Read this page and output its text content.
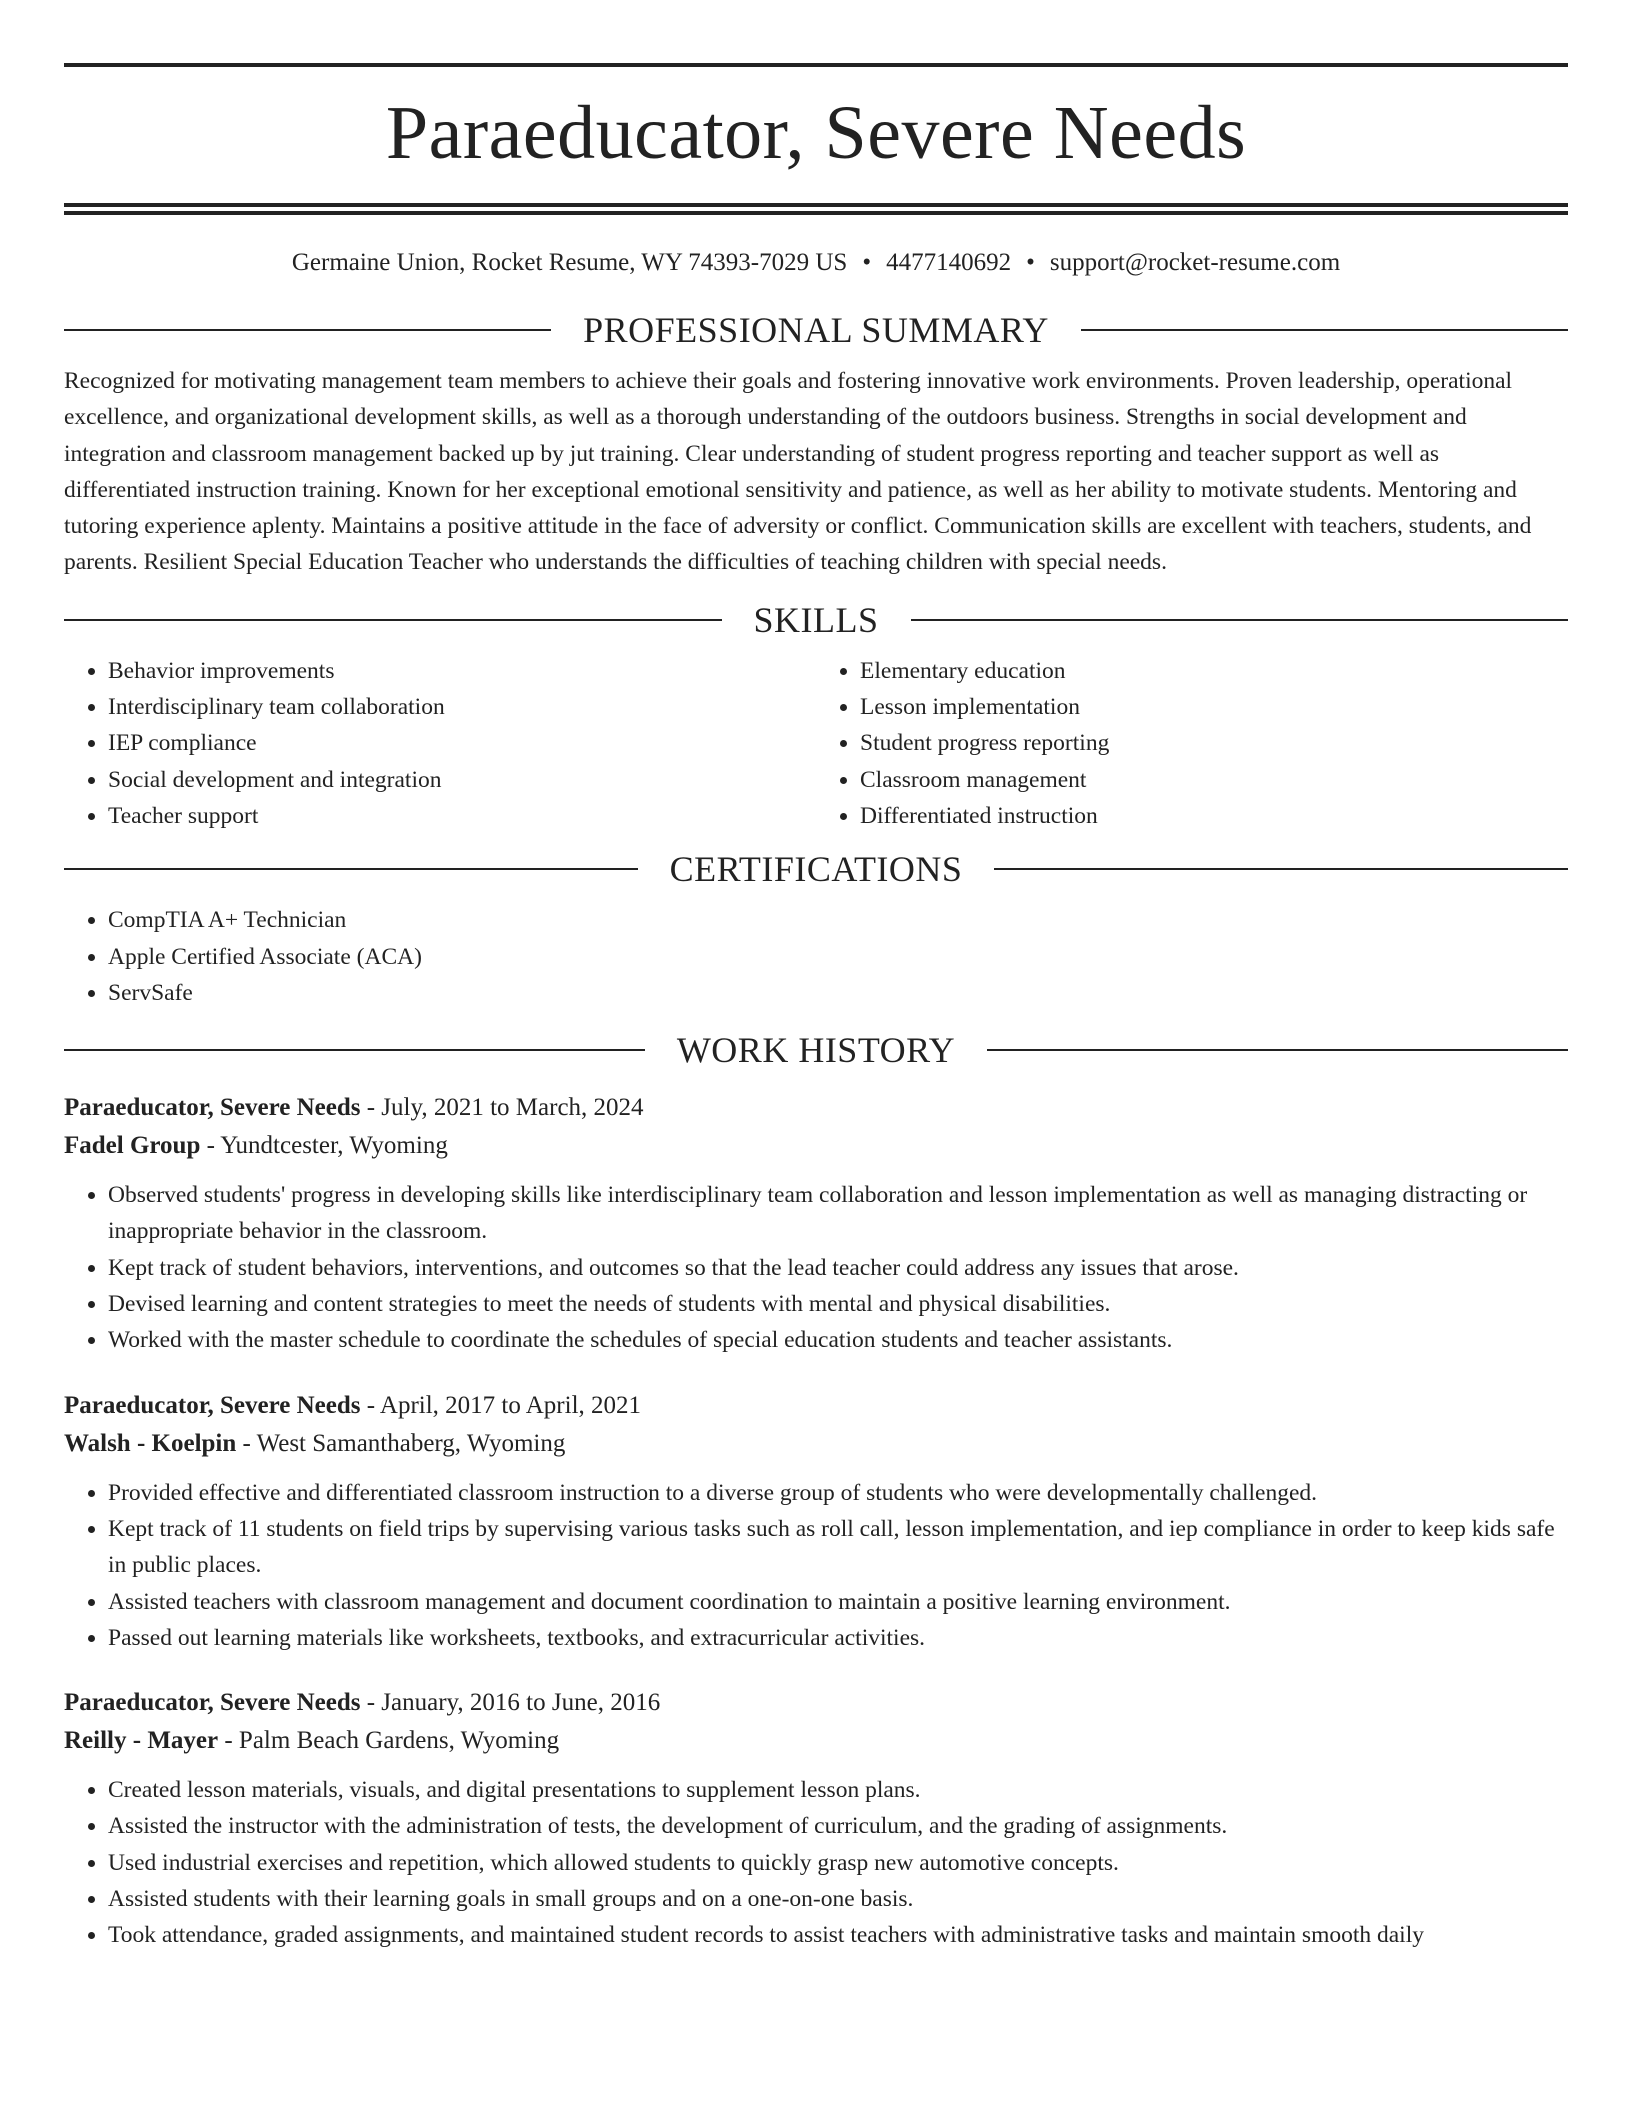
Paraeducator, Severe Needs
Germaine Union, Rocket Resume, WY 74393-7029 US • 4477140692 • support@rocket-resume.com
PROFESSIONAL SUMMARY

Recognized for motivating management team members to achieve their goals and fostering innovative work environments. Proven leadership, operational excellence, and organizational development skills, as well as a thorough understanding of the outdoors business. Strengths in social development and integration and classroom management backed up by jut training. Clear understanding of student progress reporting and teacher support as well as differentiated instruction training. Known for her exceptional emotional sensitivity and patience, as well as her ability to motivate students. Mentoring and tutoring experience aplenty. Maintains a positive attitude in the face of adversity or conflict. Communication skills are excellent with teachers, students, and parents. Resilient Special Education Teacher who understands the difficulties of teaching children with special needs.

SKILLS
• Behavior improvements
• Interdisciplinary team collaboration
• IEP compliance
• Social development and integration
• Teacher support
• Elementary education
• Lesson implementation
• Student progress reporting
• Classroom management
• Differentiated instruction
CERTIFICATIONS
• CompTIA A+ Technician
• Apple Certified Associate (ACA)
• ServSafe
WORK HISTORY
Paraeducator, Severe Needs - July, 2021 to March, 2024
Fadel Group - Yundtcester, Wyoming
• Observed students' progress in developing skills like interdisciplinary team collaboration and lesson implementation as well as managing distracting or inappropriate behavior in the classroom.
• Kept track of student behaviors, interventions, and outcomes so that the lead teacher could address any issues that arose.
• Devised learning and content strategies to meet the needs of students with mental and physical disabilities.
• Worked with the master schedule to coordinate the schedules of special education students and teacher assistants.
Paraeducator, Severe Needs - April, 2017 to April, 2021
Walsh - Koelpin - West Samanthaberg, Wyoming
• Provided effective and differentiated classroom instruction to a diverse group of students who were developmentally challenged.
• Kept track of 11 students on field trips by supervising various tasks such as roll call, lesson implementation, and iep compliance in order to keep kids safe in public places.
• Assisted teachers with classroom management and document coordination to maintain a positive learning environment.
• Passed out learning materials like worksheets, textbooks, and extracurricular activities.
Paraeducator, Severe Needs - January, 2016 to June, 2016
Reilly - Mayer - Palm Beach Gardens, Wyoming
• Created lesson materials, visuals, and digital presentations to supplement lesson plans.
• Assisted the instructor with the administration of tests, the development of curriculum, and the grading of assignments.
• Used industrial exercises and repetition, which allowed students to quickly grasp new automotive concepts.
• Assisted students with their learning goals in small groups and on a one-on-one basis.
• Took attendance, graded assignments, and maintained student records to assist teachers with administrative tasks and maintain smooth daily
